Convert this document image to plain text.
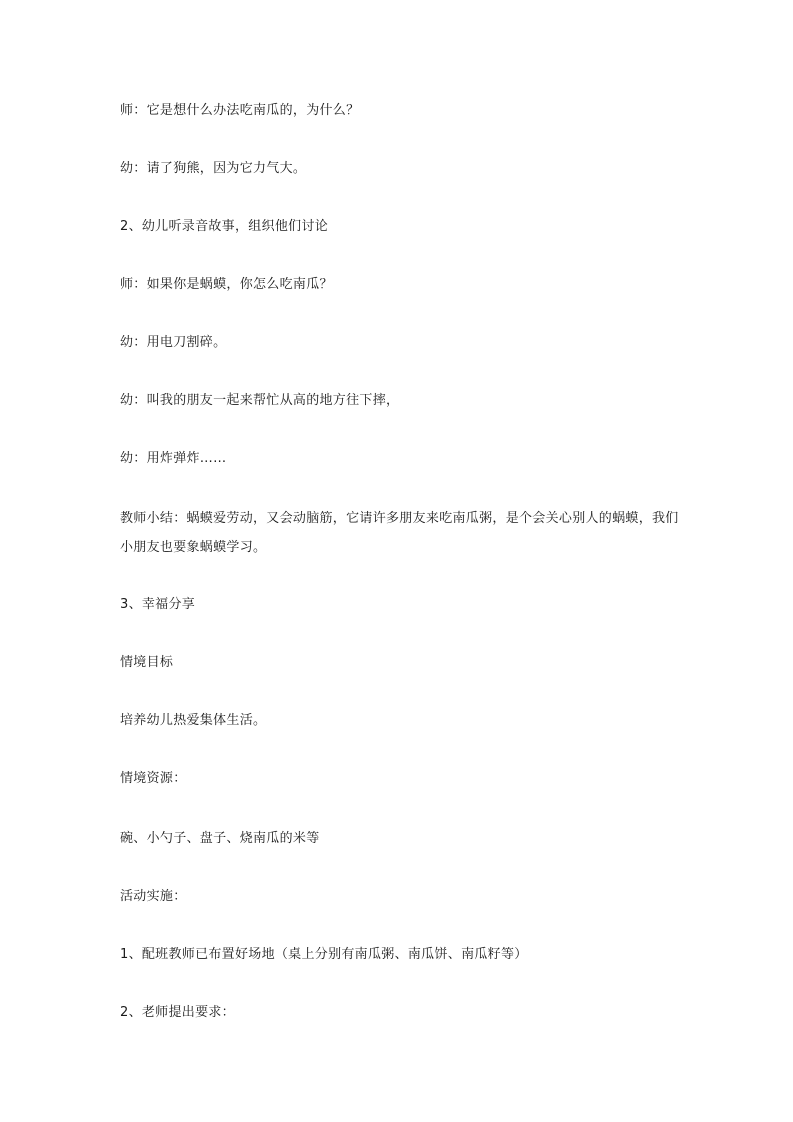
师：它是想什么办法吃南瓜的，为什么？

幼：请了狗熊，因为它力气大。

2、幼儿听录音故事，组织他们讨论

师：如果你是蜗蟆，你怎么吃南瓜？

幼：用电刀割碎。

幼：叫我的朋友一起来帮忙从高的地方往下摔，

幼：用炸弹炸……

教师小结：蜗蟆爱劳动，又会动脑筋，它请许多朋友来吃南瓜粥，是个会关心别人的蜗蟆，我们小朋友也要象蜗蟆学习。

3、幸福分享

情境目标

培养幼儿热爱集体生活。

情境资源：

碗、小勺子、盘子、烧南瓜的米等

活动实施：

1、配班教师已布置好场地（桌上分别有南瓜粥、南瓜饼、南瓜籽等）

2、老师提出要求：
